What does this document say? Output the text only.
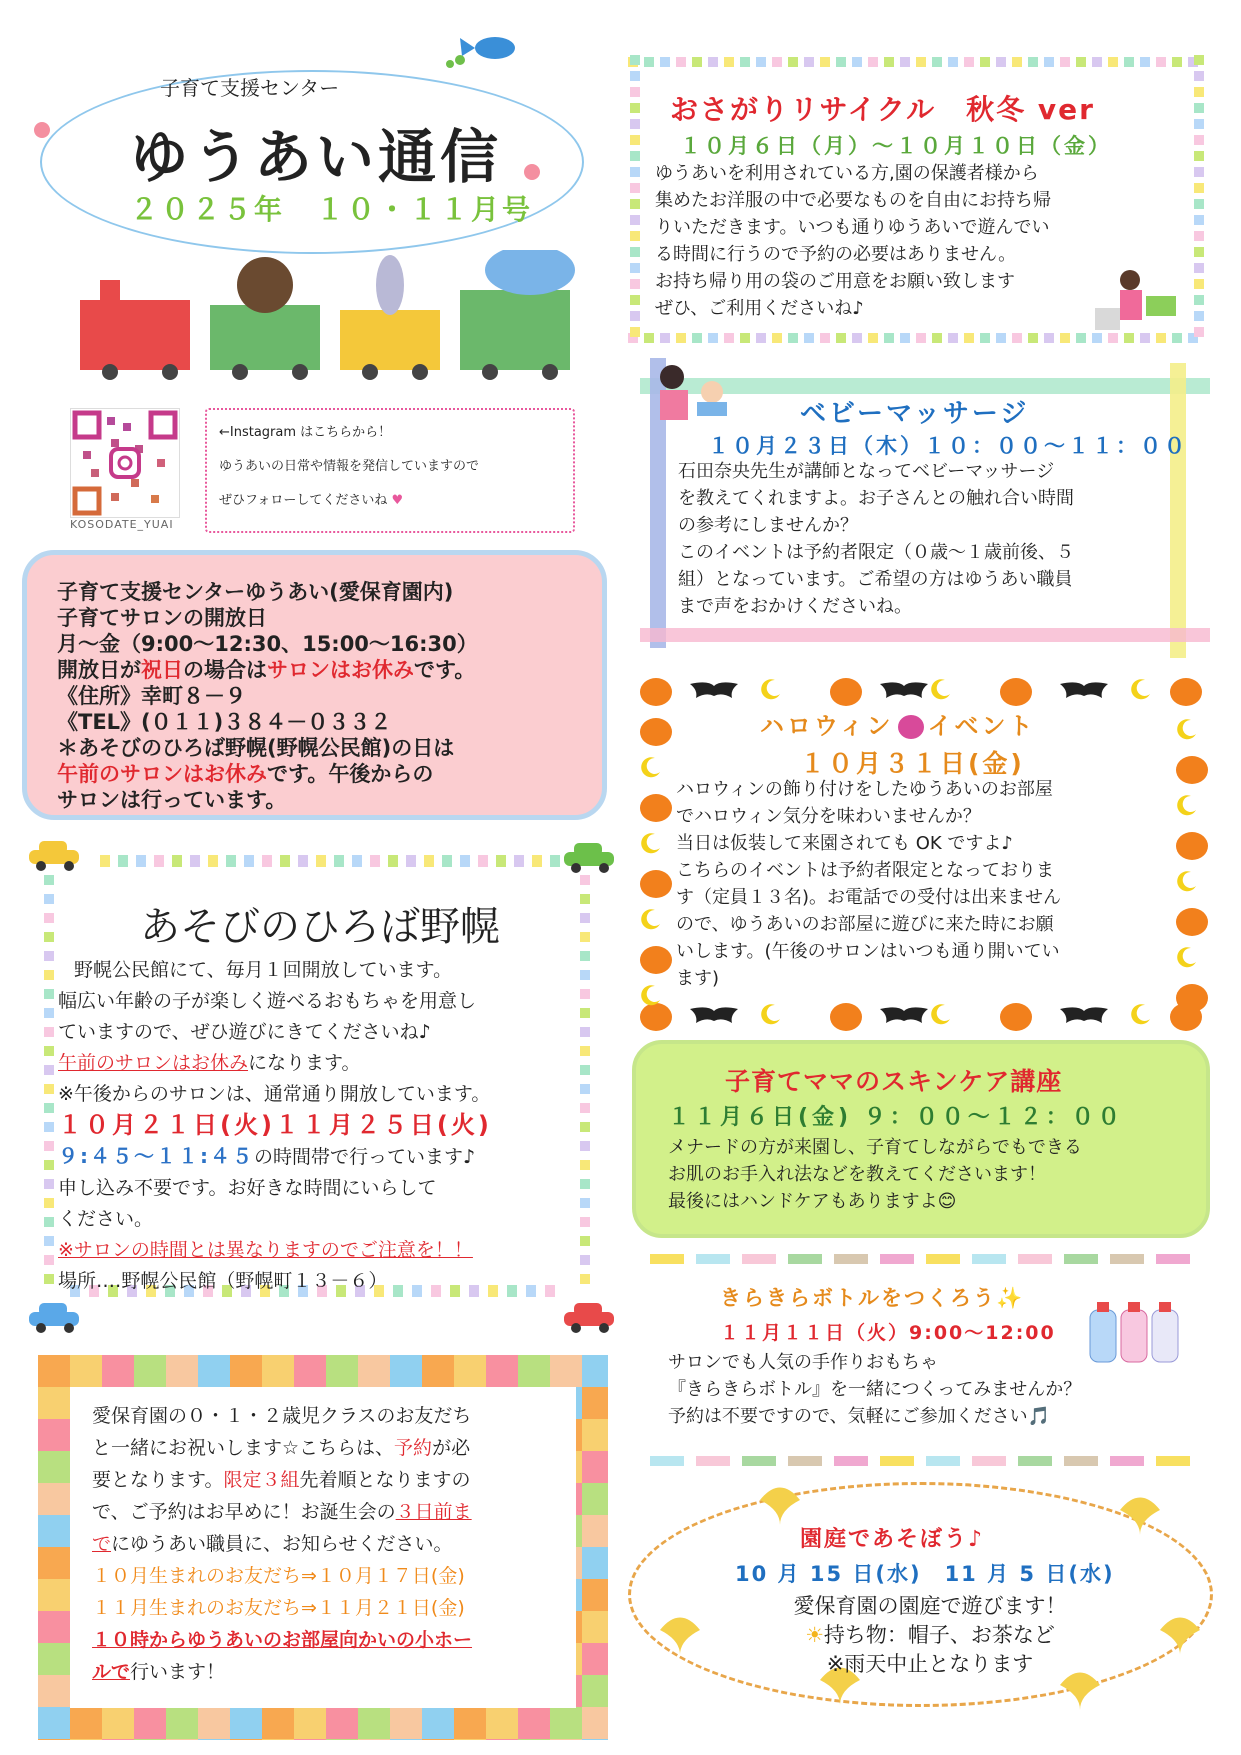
子育て支援センター
ゆうあい通信
２０２５年　１０・１１月号
KOSODATE_YUAI

←Instagram はこちらから！

ゆうあいの日常や情報を発信していますので

ぜひフォローしてくださいね ♥

子育て支援センターゆうあい(愛保育園内)

子育てサロンの開放日

月～金（9:00～12:30、15:00～16:30）

開放日が祝日の場合はサロンはお休みです。

《住所》幸町８－９

《TEL》(０１１)３８４－０３３２

＊あそびのひろば野幌(野幌公民館)の日は

午前のサロンはお休みです。午後からの

サロンは行っています。

あそびのひろば野幌

野幌公民館にて、毎月１回開放しています。

幅広い年齢の子が楽しく遊べるおもちゃを用意し

ていますので、ぜひ遊びにきてくださいね♪

午前のサロンはお休みになります。

※午後からのサロンは、通常通り開放しています。

１０月２１日(火)１１月２５日(火)

９:４５～１１:４５の時間帯で行っています♪

申し込み不要です。お好きな時間にいらして

ください。

※サロンの時間とは異なりますのでご注意を！！

場所‥‥野幌公民館（野幌町１３－６）

愛保育園の０・１・２歳児クラスのお友だち

と一緒にお祝いします☆こちらは、予約が必

要となります。限定３組先着順となりますの

で、ご予約はお早めに！お誕生会の３日前ま

でにゆうあい職員に、お知らせください。

１０月生まれのお友だち⇒１０月１７日(金)

１１月生まれのお友だち⇒１１月２１日(金)

１０時からゆうあいのお部屋向かいの小ホー

ルで行います！

おさがりリサイクル　秋冬 ver
１０月６日（月）～１０月１０日（金）

ゆうあいを利用されている方,園の保護者様から

集めたお洋服の中で必要なものを自由にお持ち帰

りいただきます。いつも通りゆうあいで遊んでい

る時間に行うので予約の必要はありません。

お持ち帰り用の袋のご用意をお願い致します

ぜひ、ご利用くださいね♪

ベビーマッサージ
１０月２３日（木）１０：００～１１：００

石田奈央先生が講師となってベビーマッサージ

を教えてくれますよ。お子さんとの触れ合い時間

の参考にしませんか？

このイベントは予約者限定（０歳～１歳前後、５

組）となっています。ご希望の方はゆうあい職員

まで声をおかけくださいね。

ハロウィン イベント
１０月３１日(金)

ハロウィンの飾り付けをしたゆうあいのお部屋

でハロウィン気分を味わいませんか？

当日は仮装して来園されても OK ですよ♪

こちらのイベントは予約者限定となっておりま

す（定員１３名)。お電話での受付は出来ません

ので、ゆうあいのお部屋に遊びに来た時にお願

いします。(午後のサロンはいつも通り開いてい

ます)

子育てママのスキンケア講座
１１月６日(金) ９：００～１２：００

メナードの方が来園し、子育てしながらでもできる

お肌のお手入れ法などを教えてくださいます！

最後にはハンドケアもありますよ😊

きらきらボトルをつくろう✨
１１月１１日（火）9:00～12:00

サロンでも人気の手作りおもちゃ

『きらきらボトル』を一緒につくってみませんか？

予約は不要ですので、気軽にご参加ください🎵

園庭であそぼう♪
10 月 15 日(水)　11 月 5 日(水)

愛保育園の園庭で遊びます！

☀持ち物：帽子、お茶など

※雨天中止となります
